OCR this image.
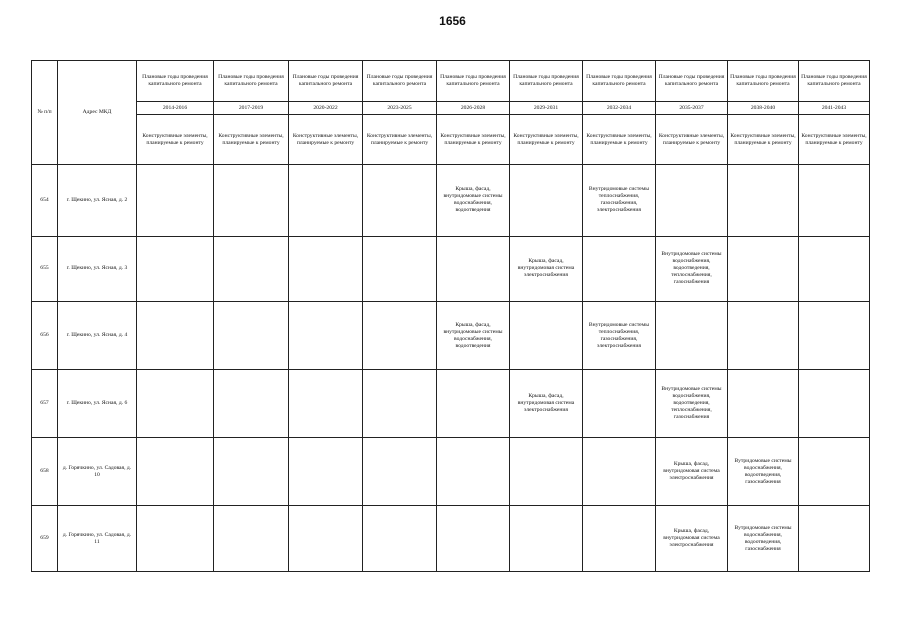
1656
№ п/п	Адрес МКД	Плановые годы проведения капитального ремонта	Плановые годы проведения капитального ремонта	Плановые годы проведения капитального ремонта	Плановые годы проведения капитального ремонта	Плановые годы проведения капитального ремонта	Плановые годы проведения капитального ремонта	Плановые годы проведения капитального ремонта	Плановые годы проведения капитального ремонта	Плановые годы проведения капитального ремонта	Плановые годы проведения капитального ремонта
		2014-2016	2017-2019	2020-2022	2023-2025	2026-2028	2029-2031	2032-2034	2035-2037	2038-2040	2041-2043
		Конструктивные элементы, планируемые к ремонту	Конструктивные элементы, планируемые к ремонту	Конструктивные элементы, планируемые к ремонту	Конструктивные элементы, планируемые к ремонту	Конструктивные элементы, планируемые к ремонту	Конструктивные элементы, планируемые к ремонту	Конструктивные элементы, планируемые к ремонту	Конструктивные элементы, планируемые к ремонту	Конструктивные элементы, планируемые к ремонту	Конструктивные элементы, планируемые к ремонту
654	г. Щекино, ул. Ясная, д. 2					Крыша, фасад, внутридомовые системы водоснабжения, водоотведения		Внутридомовые системы теплоснабжения, газоснабжения, электроснабжения			
655	г. Щекино, ул. Ясная, д. 3						Крыша, фасад, внутридомовая система электроснабжения		Внутридомовые системы водоснабжения, водоотведения, теплоснабжения, газоснабжения		
656	г. Щекино, ул. Ясная, д. 4					Крыша, фасад, внутридомовые системы водоснабжения, водоотведения		Внутридомовые системы теплоснабжения, газоснабжения, электроснабжения			
657	г. Щекино, ул. Ясная, д. 6						Крыша, фасад, внутридомовая система электроснабжения		Внутридомовые системы водоснабжения, водоотведения, теплоснабжения, газоснабжения		
658	д. Горячкино, ул. Садовая, д. 10								Крыша, фасад, внутридомовая система электроснабжения	Вутридомовые системы водоснабжения, водоотведения, газоснабжения	
659	д. Горячкино, ул. Садовая, д. 11								Крыша, фасад, внутридомовая система электроснабжения	Вутридомовые системы водоснабжения, водоотведения, газоснабжения	
